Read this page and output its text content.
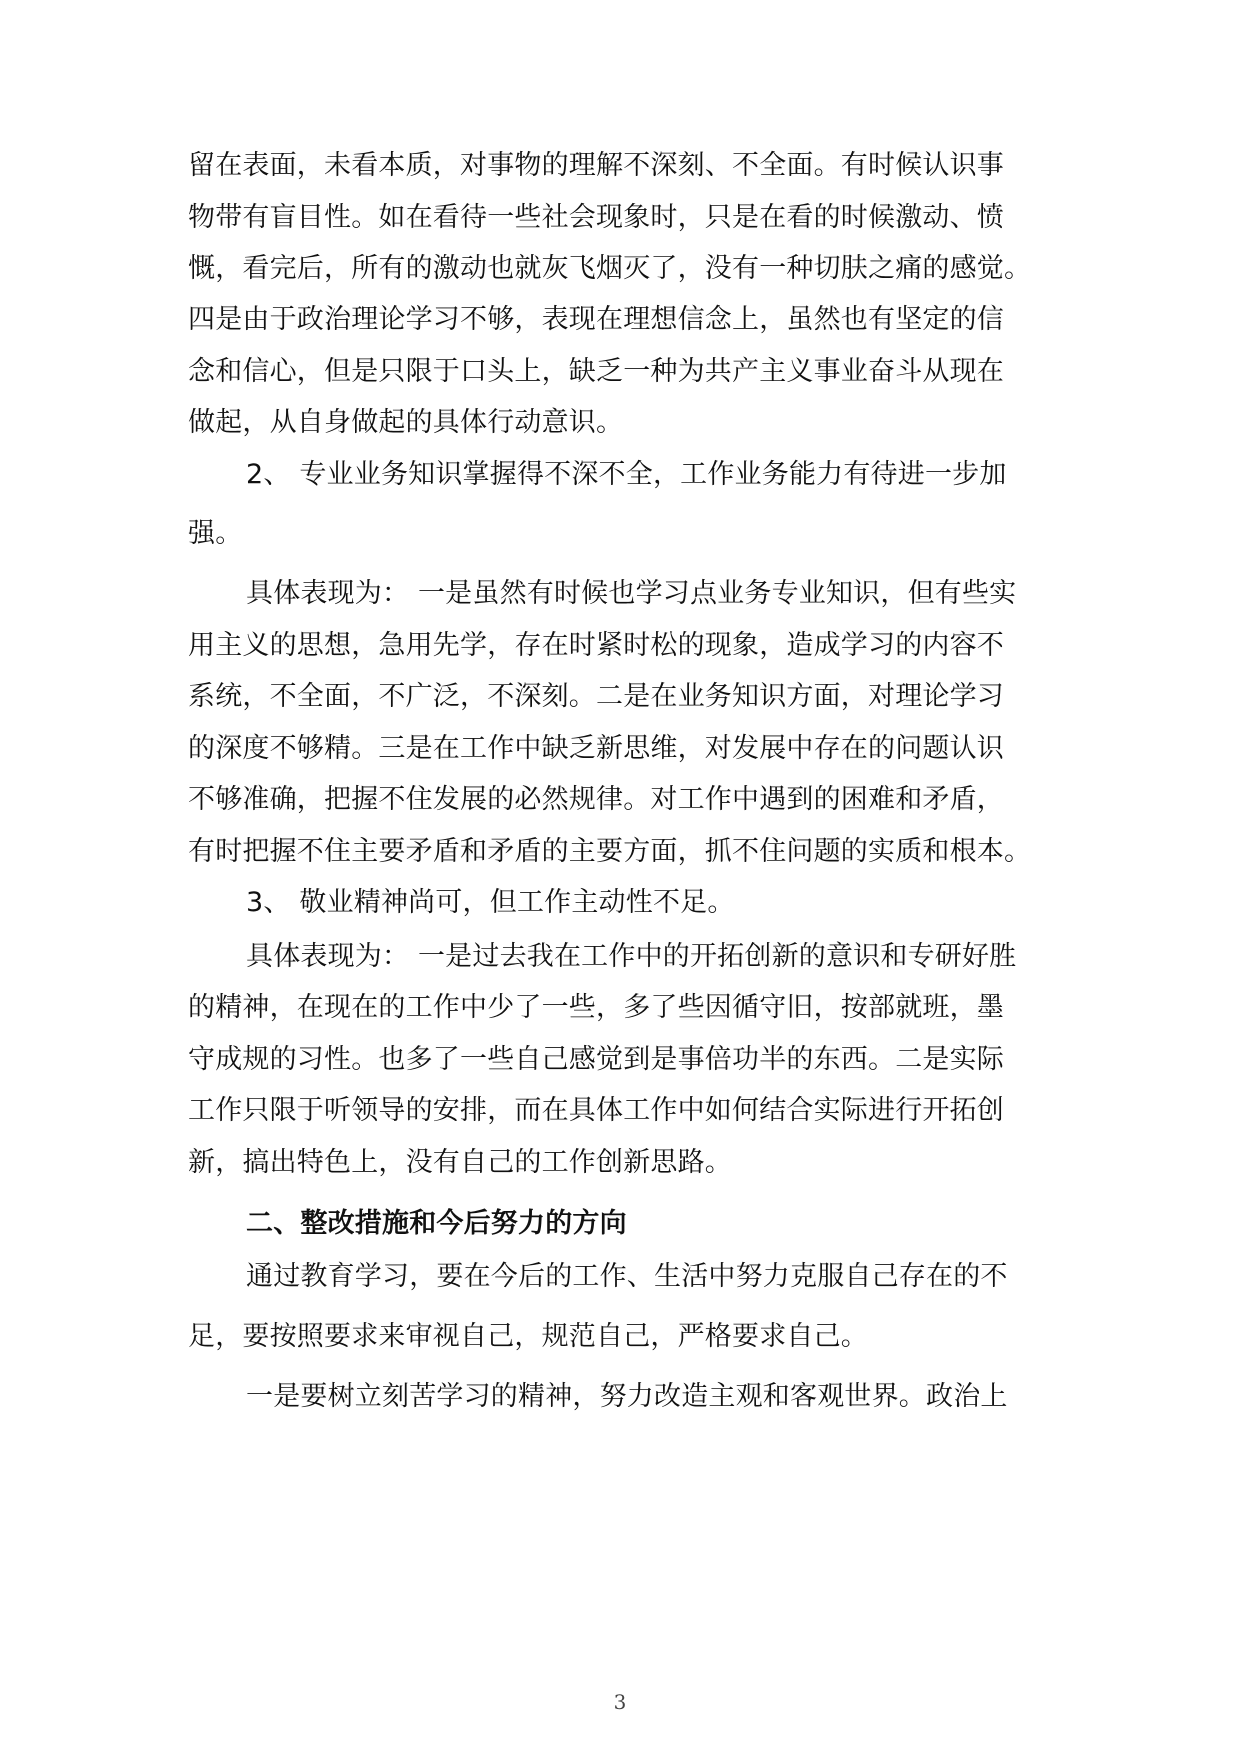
留在表面，未看本质，对事物的理解不深刻、不全面。有时候认识事
物带有盲目性。如在看待一些社会现象时，只是在看的时候激动、愤
慨，看完后，所有的激动也就灰飞烟灭了，没有一种切肤之痛的感觉。
四是由于政治理论学习不够，表现在理想信念上，虽然也有坚定的信
念和信心，但是只限于口头上，缺乏一种为共产主义事业奋斗从现在
做起，从自身做起的具体行动意识。
2、 专业业务知识掌握得不深不全，工作业务能力有待进一步加
强。
具体表现为： 一是虽然有时候也学习点业务专业知识，但有些实
用主义的思想，急用先学，存在时紧时松的现象，造成学习的内容不
系统，不全面，不广泛，不深刻。二是在业务知识方面，对理论学习
的深度不够精。三是在工作中缺乏新思维，对发展中存在的问题认识
不够准确，把握不住发展的必然规律。对工作中遇到的困难和矛盾，
有时把握不住主要矛盾和矛盾的主要方面，抓不住问题的实质和根本。
3、 敬业精神尚可，但工作主动性不足。
具体表现为： 一是过去我在工作中的开拓创新的意识和专研好胜
的精神，在现在的工作中少了一些，多了些因循守旧，按部就班，墨
守成规的习性。也多了一些自己感觉到是事倍功半的东西。二是实际
工作只限于听领导的安排，而在具体工作中如何结合实际进行开拓创
新，搞出特色上，没有自己的工作创新思路。
二、整改措施和今后努力的方向
通过教育学习，要在今后的工作、生活中努力克服自己存在的不
足，要按照要求来审视自己，规范自己，严格要求自己。
一是要树立刻苦学习的精神，努力改造主观和客观世界。政治上
3
